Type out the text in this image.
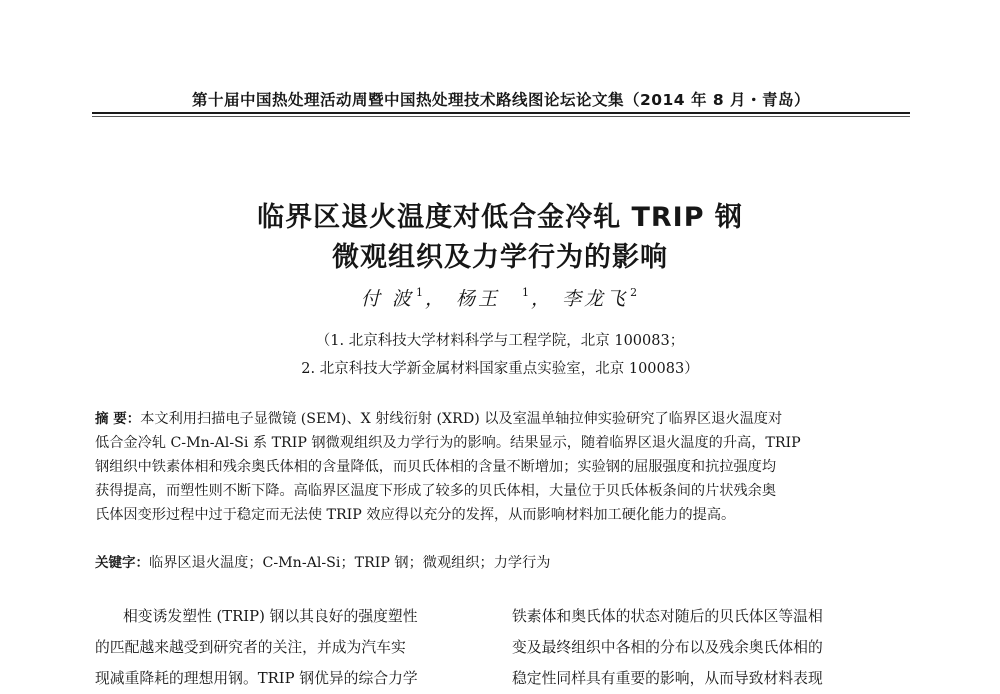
第十届中国热处理活动周暨中国热处理技术路线图论坛论文集（2014 年 8 月・青岛）
临界区退火温度对低合金冷轧 TRIP 钢
微观组织及力学行为的影响
付 波 $^1$ ， 杨王 $^1$ ， 李龙飞 $^2$
（1. 北京科技大学材料科学与工程学院，北京 100083；
2. 北京科技大学新金属材料国家重点实验室，北京 100083）
摘 要：本文利用扫描电子显微镜 (SEM)、X 射线衍射 (XRD) 以及室温单轴拉伸实验研究了临界区退火温度对
低合金冷轧 C-Mn-Al-Si 系 TRIP 钢微观组织及力学行为的影响。结果显示，随着临界区退火温度的升高，TRIP
钢组织中铁素体相和残余奥氏体相的含量降低，而贝氏体相的含量不断增加；实验钢的屈服强度和抗拉强度均
获得提高，而塑性则不断下降。高临界区温度下形成了较多的贝氏体相，大量位于贝氏体板条间的片状残余奥
氏体因变形过程中过于稳定而无法使 TRIP 效应得以充分的发挥，从而影响材料加工硬化能力的提高。
关键字：临界区退火温度；C-Mn-Al-Si；TRIP 钢；微观组织；力学行为
相变诱发塑性 (TRIP) 钢以其良好的强度塑性
的匹配越来越受到研究者的关注，并成为汽车实
现减重降耗的理想用钢。TRIP 钢优异的综合力学
铁素体和奥氏体的状态对随后的贝氏体区等温相
变及最终组织中各相的分布以及残余奥氏体相的
稳定性同样具有重要的影响，从而导致材料表现
